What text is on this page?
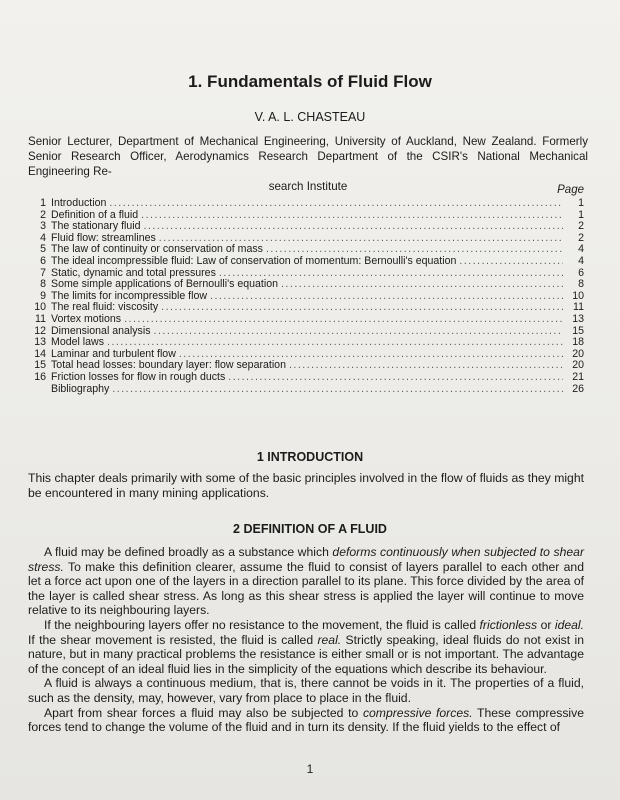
1. Fundamentals of Fluid Flow
V. A. L. CHASTEAU
Senior Lecturer, Department of Mechanical Engineering, University of Auckland, New Zealand. Formerly Senior Research Officer, Aerodynamics Research Department of the CSIR's National Mechanical Engineering Re-
search Institute	Page
1 Introduction .....	1
2 Definition of a fluid .....	1
3 The stationary fluid .....	2
4 Fluid flow: streamlines .....	2
5 The law of continuity or conservation of mass .....	4
6 The ideal incompressible fluid: Law of conservation of momentum: Bernoulli's equation .....	4
7 Static, dynamic and total pressures .....	6
8 Some simple applications of Bernoulli's equation .....	8
9 The limits for incompressible flow .....	10
10 The real fluid: viscosity .....	11
11 Vortex motions .....	13
12 Dimensional analysis .....	15
13 Model laws .....	18
14 Laminar and turbulent flow .....	20
15 Total head losses: boundary layer: flow separation .....	20
16 Friction losses for flow in rough ducts .....	21
Bibliography .....	26
1 INTRODUCTION

This chapter deals primarily with some of the basic principles involved in the flow of fluids as they might be encountered in many mining applications.

2 DEFINITION OF A FLUID

A fluid may be defined broadly as a substance which deforms continuously when subjected to shear stress. To make this definition clearer, assume the fluid to consist of layers parallel to each other and let a force act upon one of the layers in a direction parallel to its plane. This force divided by the area of the layer is called shear stress. As long as this shear stress is applied the layer will continue to move relative to its neighbouring layers.

If the neighbouring layers offer no resistance to the movement, the fluid is called frictionless or ideal. If the shear movement is resisted, the fluid is called real. Strictly speaking, ideal fluids do not exist in nature, but in many practical problems the resistance is either small or is not important. The advantage of the concept of an ideal fluid lies in the simplicity of the equations which describe its behaviour.

A fluid is always a continuous medium, that is, there cannot be voids in it. The properties of a fluid, such as the density, may, however, vary from place to place in the fluid.

Apart from shear forces a fluid may also be subjected to compressive forces. These compressive forces tend to change the volume of the fluid and in turn its density. If the fluid yields to the effect of

1
